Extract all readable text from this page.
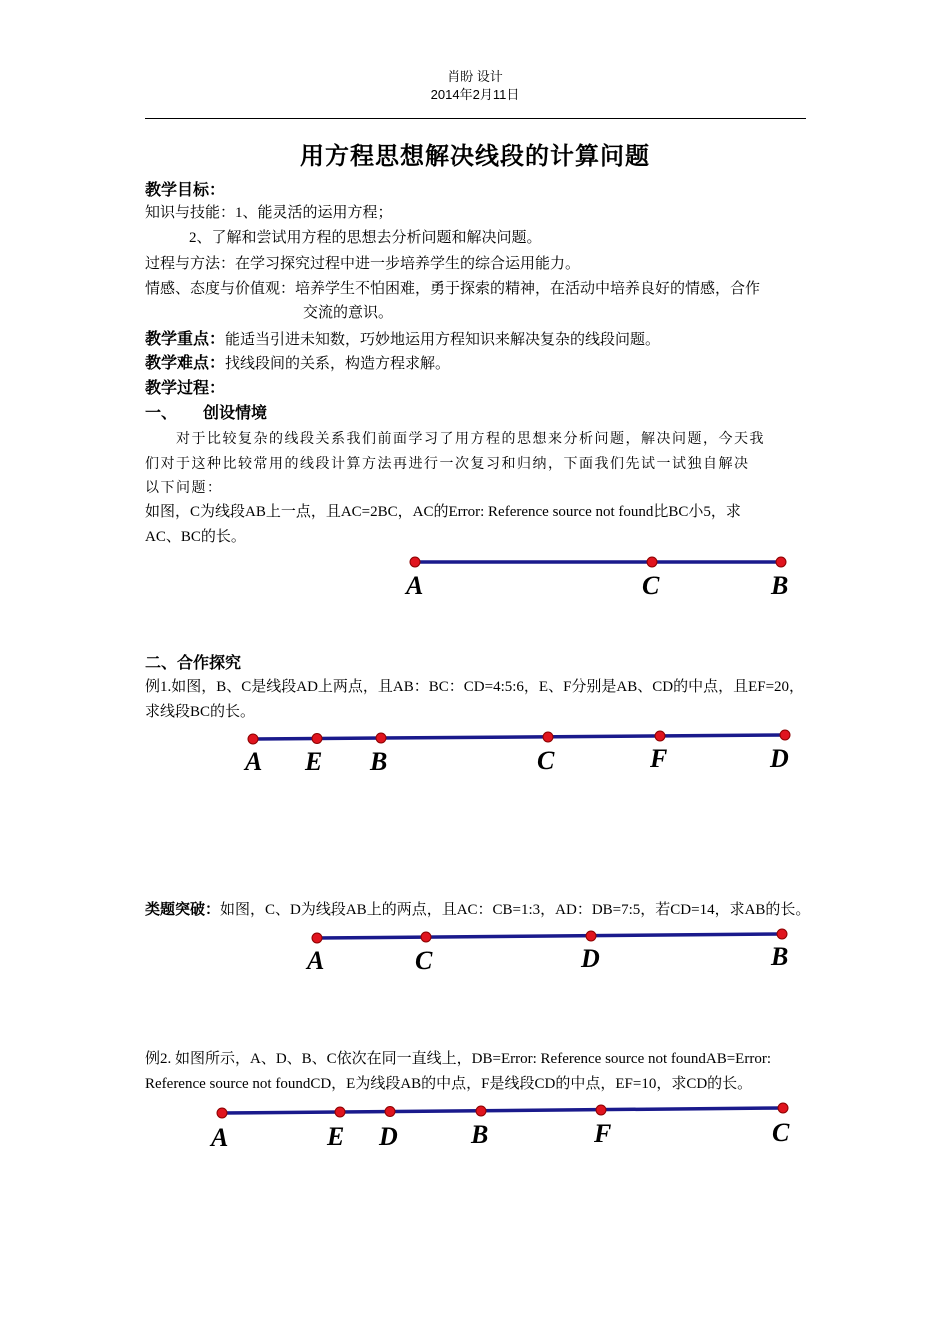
肖盼 设计
2014年2月11日
用方程思想解决线段的计算问题
教学目标：
知识与技能：1、能灵活的运用方程；
2、了解和尝试用方程的思想去分析问题和解决问题。
过程与方法：在学习探究过程中进一步培养学生的综合运用能力。
情感、态度与价值观：培养学生不怕困难，勇于探索的精神，在活动中培养良好的情感，合作
交流的意识。
教学重点：能适当引进未知数，巧妙地运用方程知识来解决复杂的线段问题。
教学难点：找线段间的关系，构造方程求解。
教学过程：
一、 创设情境
对于比较复杂的线段关系我们前面学习了用方程的思想来分析问题，解决问题，今天我
们对于这种比较常用的线段计算方法再进行一次复习和归纳，下面我们先试一试独自解决
以下问题：
如图，C为线段AB上一点，且AC=2BC，AC的Error: Reference source not found比BC小5，求
AC、BC的长。
二、合作探究
例1.如图，B、C是线段AD上两点，且AB：BC：CD=4:5:6，E、F分别是AB、CD的中点，且EF=20，
求线段BC的长。
类题突破：如图，C、D为线段AB上的两点，且AC：CB=1:3，AD：DB=7:5，若CD=14，求AB的长。
例2. 如图所示，A、D、B、C依次在同一直线上，DB=Error: Reference source not foundAB=Error:
Reference source not foundCD，E为线段AB的中点，F是线段CD的中点，EF=10，求CD的长。
A	C	B
A E B	C	F	D
A	C	D	B
A	E D	B	F	C
